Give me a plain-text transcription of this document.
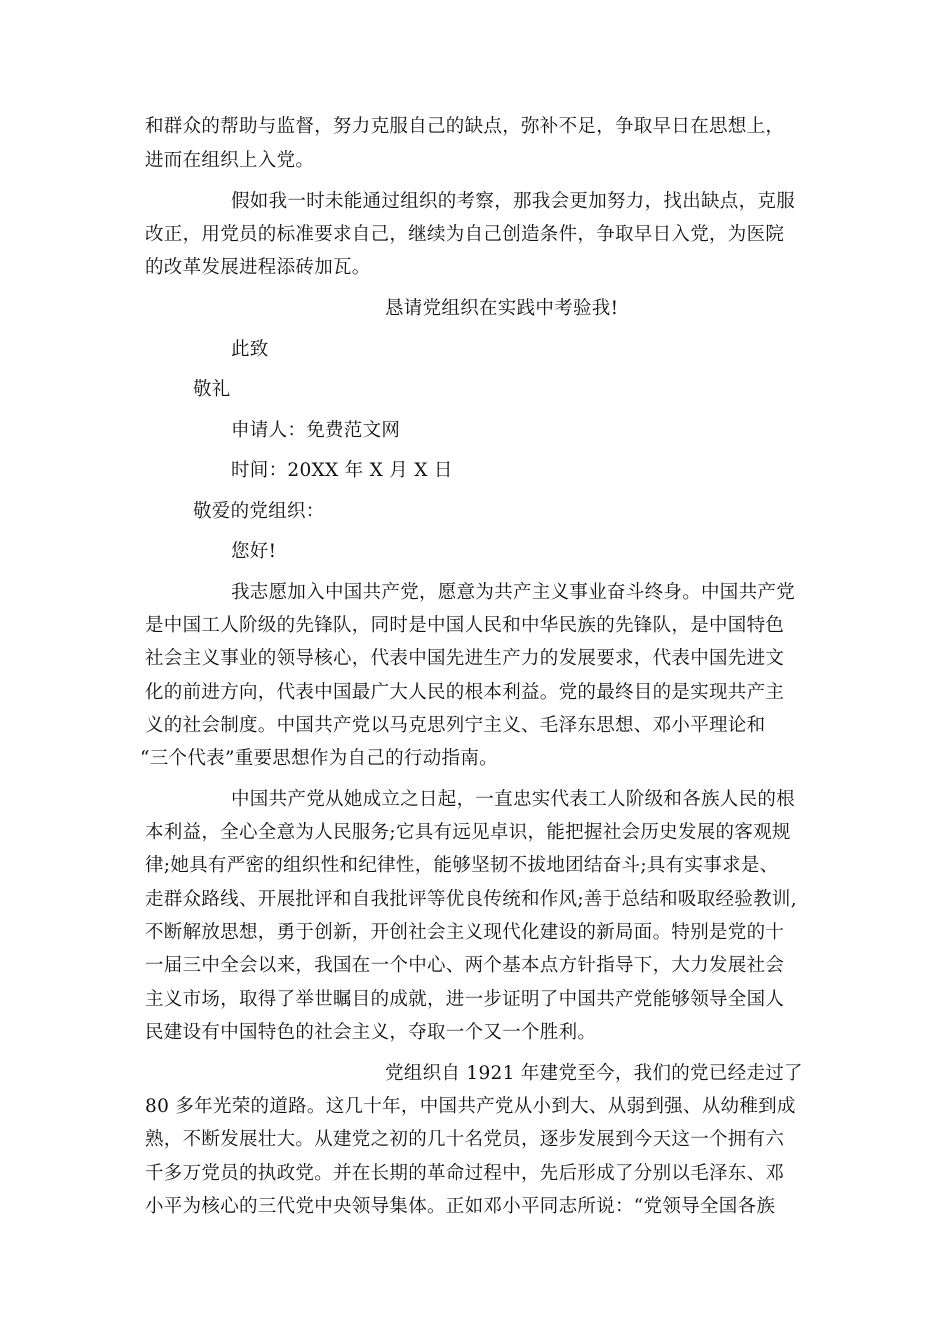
和群众的帮助与监督，努力克服自己的缺点，弥补不足，争取早日在思想上，
进而在组织上入党。
假如我一时未能通过组织的考察，那我会更加努力，找出缺点，克服
改正，用党员的标准要求自己，继续为自己创造条件，争取早日入党，为医院
的改革发展进程添砖加瓦。
恳请党组织在实践中考验我!
此致
敬礼
申请人：免费范文网
时间：20XX 年 X 月 X 日
敬爱的党组织：
您好!
我志愿加入中国共产党，愿意为共产主义事业奋斗终身。中国共产党
是中国工人阶级的先锋队，同时是中国人民和中华民族的先锋队，是中国特色
社会主义事业的领导核心，代表中国先进生产力的发展要求，代表中国先进文
化的前进方向，代表中国最广大人民的根本利益。党的最终目的是实现共产主
义的社会制度。中国共产党以马克思列宁主义、毛泽东思想、邓小平理论和
“三个代表”重要思想作为自己的行动指南。
中国共产党从她成立之日起，一直忠实代表工人阶级和各族人民的根
本利益，全心全意为人民服务;它具有远见卓识，能把握社会历史发展的客观规
律;她具有严密的组织性和纪律性，能够坚韧不拔地团结奋斗;具有实事求是、
走群众路线、开展批评和自我批评等优良传统和作风;善于总结和吸取经验教训,
不断解放思想，勇于创新，开创社会主义现代化建设的新局面。特别是党的十
一届三中全会以来，我国在一个中心、两个基本点方针指导下，大力发展社会
主义市场，取得了举世瞩目的成就，进一步证明了中国共产党能够领导全国人
民建设有中国特色的社会主义，夺取一个又一个胜利。
党组织自 1921 年建党至今，我们的党已经走过了
80 多年光荣的道路。这几十年，中国共产党从小到大、从弱到强、从幼稚到成
熟，不断发展壮大。从建党之初的几十名党员，逐步发展到今天这一个拥有六
千多万党员的执政党。并在长期的革命过程中，先后形成了分别以毛泽东、邓
小平为核心的三代党中央领导集体。正如邓小平同志所说：“党领导全国各族
